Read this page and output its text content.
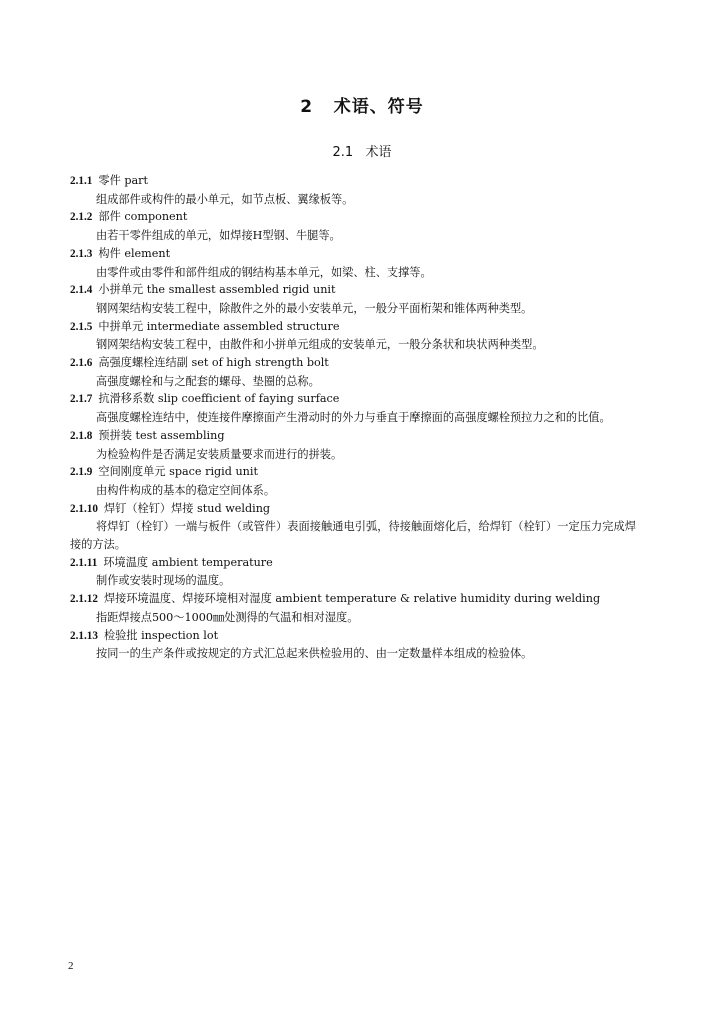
2 术语、符号
2.1 术语
2.1.1 零件 part
组成部件或构件的最小单元，如节点板、翼缘板等。
2.1.2 部件 component
由若干零件组成的单元，如焊接H型钢、牛腿等。
2.1.3 构件 element
由零件或由零件和部件组成的钢结构基本单元，如梁、柱、支撑等。
2.1.4 小拼单元 the smallest assembled rigid unit
钢网架结构安装工程中，除散件之外的最小安装单元，一般分平面桁架和锥体两种类型。
2.1.5 中拼单元 intermediate assembled structure
钢网架结构安装工程中，由散件和小拼单元组成的安装单元，一般分条状和块状两种类型。
2.1.6 高强度螺栓连结副 set of high strength bolt
高强度螺栓和与之配套的螺母、垫圈的总称。
2.1.7 抗滑移系数 slip coefficient of faying surface
高强度螺栓连结中，使连接件摩擦面产生滑动时的外力与垂直于摩擦面的高强度螺栓预拉力之和的比值。
2.1.8 预拼装 test assembling
为检验构件是否满足安装质量要求而进行的拼装。
2.1.9 空间刚度单元 space rigid unit
由构件构成的基本的稳定空间体系。
2.1.10 焊钉（栓钉）焊接 stud welding
将焊钉（栓钉）一端与板件（或管件）表面接触通电引弧，待接触面熔化后，给焊钉（栓钉）一定压力完成焊接的方法。
2.1.11 环境温度 ambient temperature
制作或安装时现场的温度。
2.1.12 焊接环境温度、焊接环境相对湿度 ambient temperature & relative humidity during welding
指距焊接点500～1000㎜处测得的气温和相对湿度。
2.1.13 检验批 inspection lot
按同一的生产条件或按规定的方式汇总起来供检验用的、由一定数量样本组成的检验体。
2
